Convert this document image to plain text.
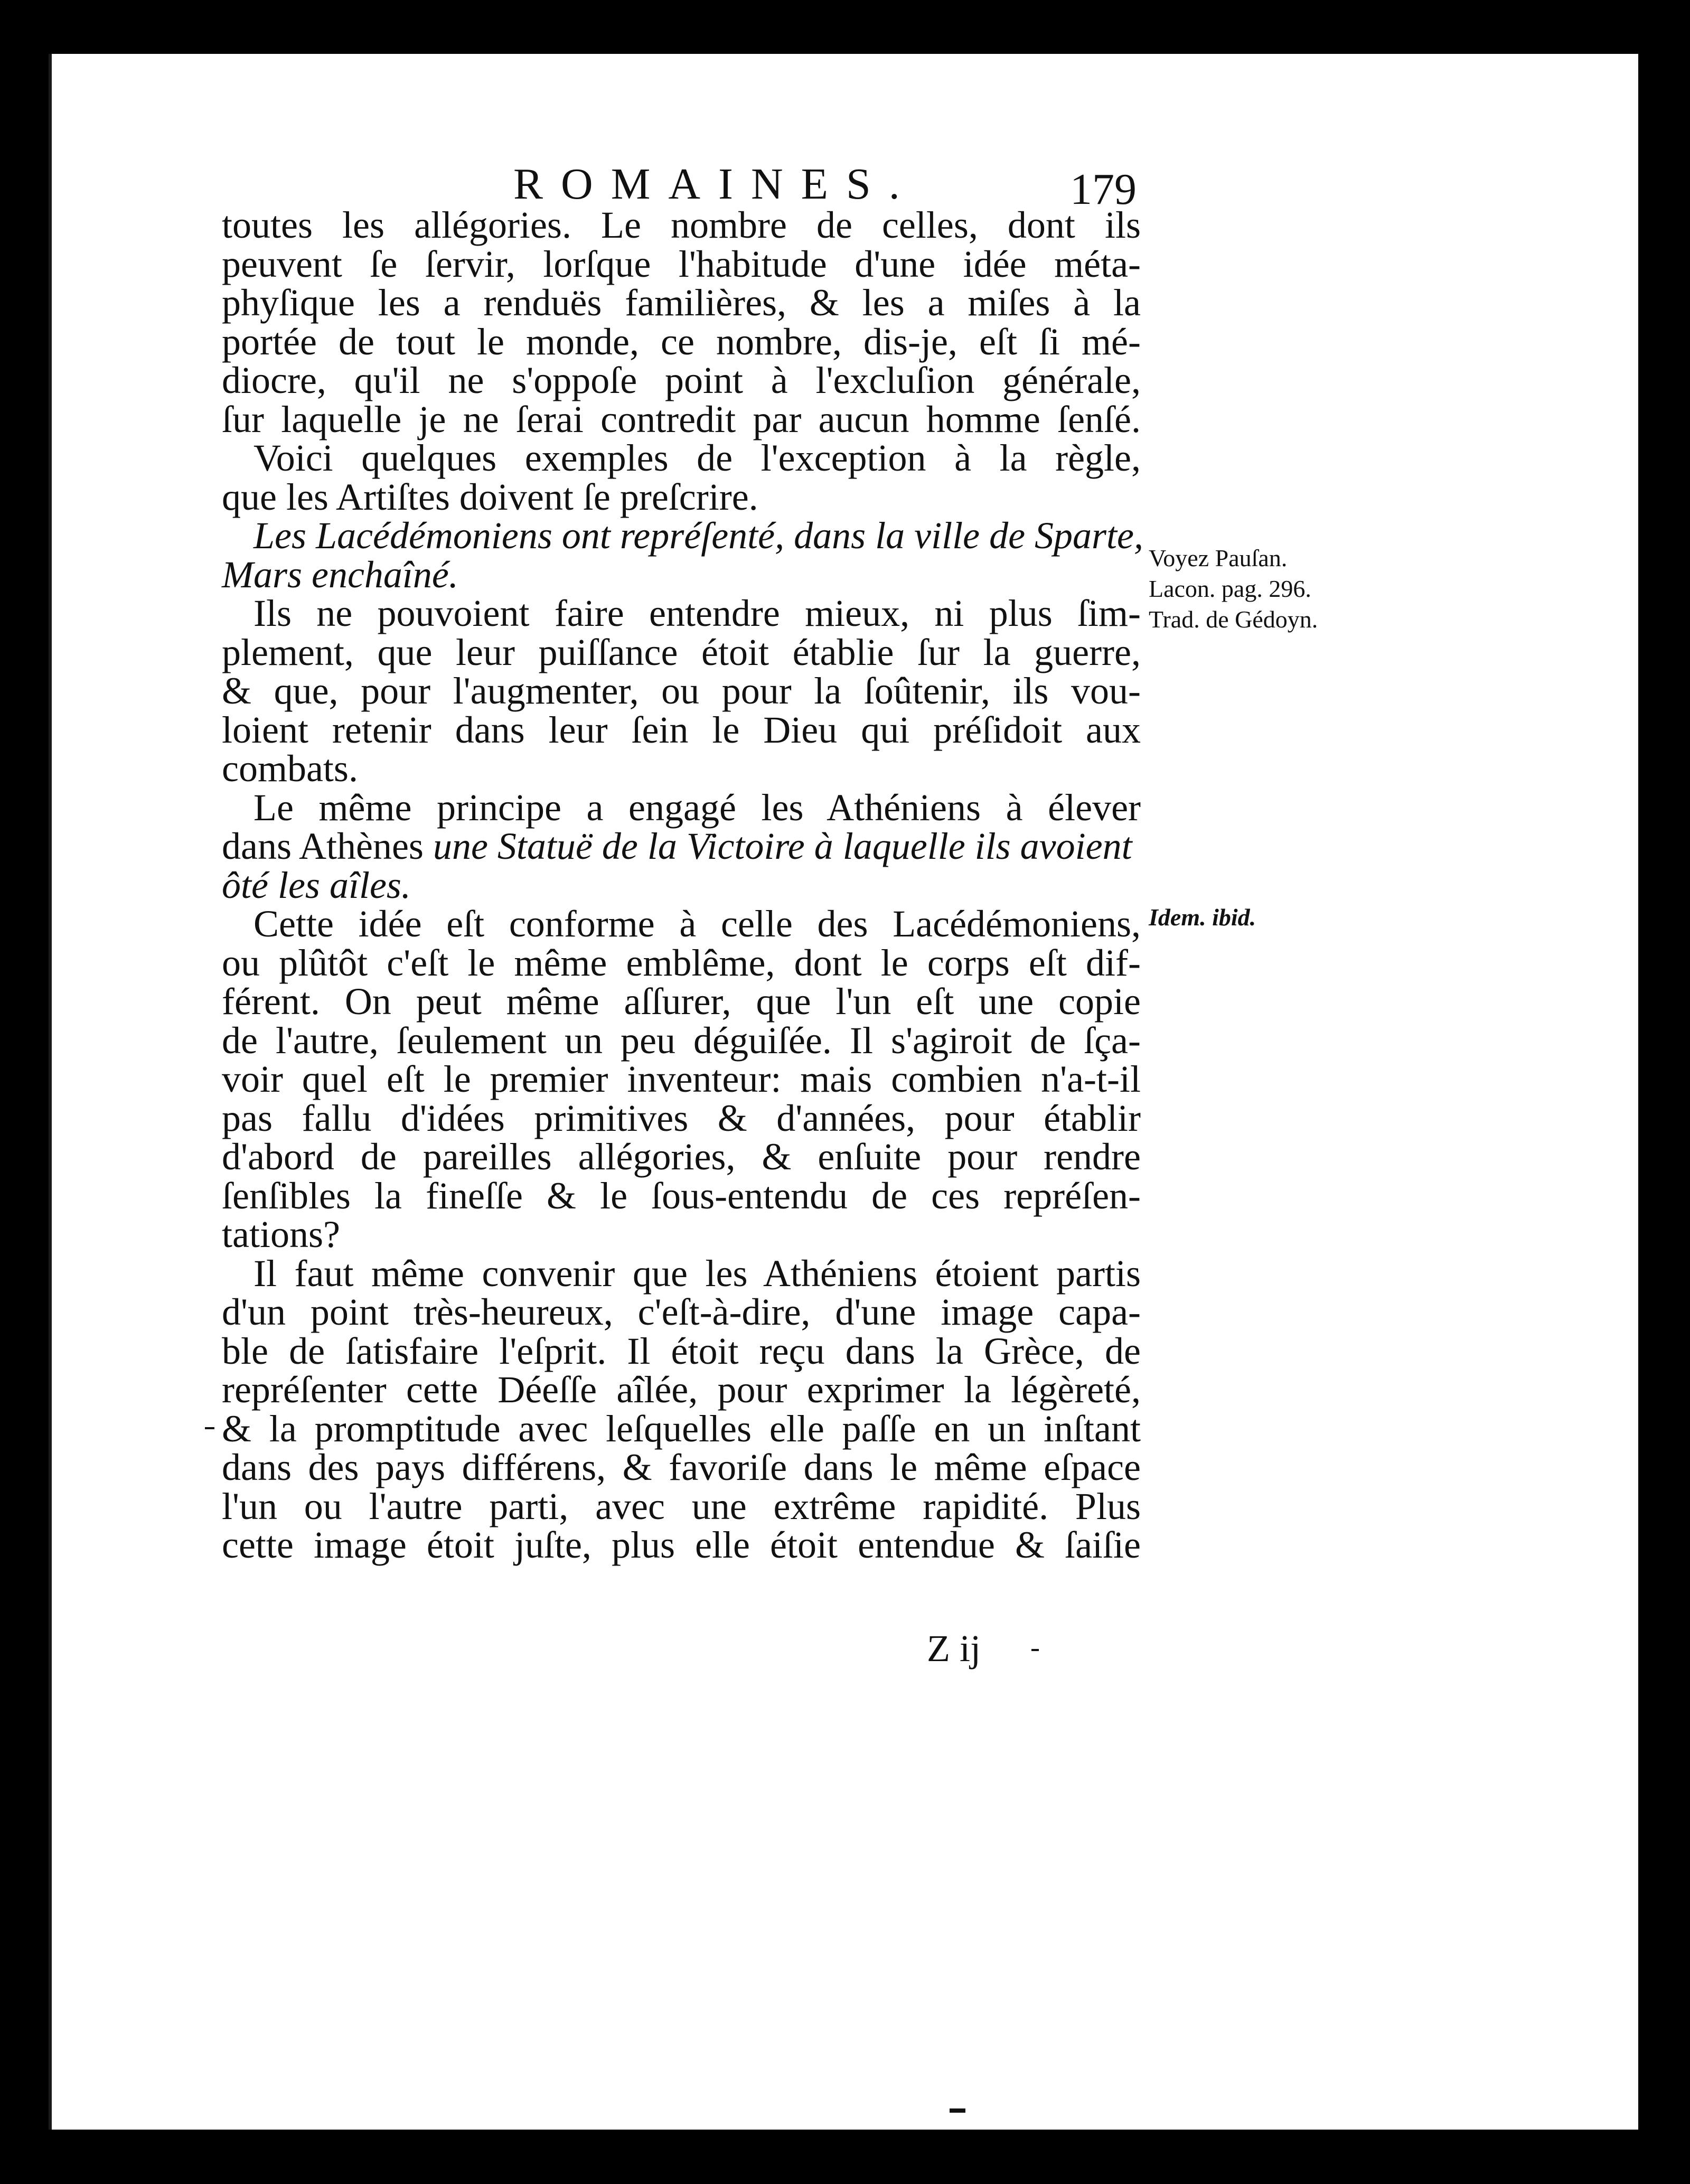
ROMAINES.	179
toutes les allégories. Le nombre de celles, dont ils
peuvent ſe ſervir, lorſque l'habitude d'une idée méta-
phyſique les a renduës familières, & les a miſes à la
portée de tout le monde, ce nombre, dis-je, eſt ſi mé-
diocre, qu'il ne s'oppoſe point à l'excluſion générale,
ſur laquelle je ne ſerai contredit par aucun homme ſenſé.
Voici quelques exemples de l'exception à la règle,
que les Artiſtes doivent ſe preſcrire.
Les Lacédémoniens ont repréſenté, dans la ville de Sparte,
Mars enchaîné.
Ils ne pouvoient faire entendre mieux, ni plus ſim-
plement, que leur puiſſance étoit établie ſur la guerre,
& que, pour l'augmenter, ou pour la ſoûtenir, ils vou-
loient retenir dans leur ſein le Dieu qui préſidoit aux
combats.
Le même principe a engagé les Athéniens à élever
dans Athènes une Statuë de la Victoire à laquelle ils avoient
ôté les aîles.
Cette idée eſt conforme à celle des Lacédémoniens,
ou plûtôt c'eſt le même emblême, dont le corps eſt dif-
férent. On peut même aſſurer, que l'un eſt une copie
de l'autre, ſeulement un peu déguiſée. Il s'agiroit de ſça-
voir quel eſt le premier inventeur: mais combien n'a-t-il
pas fallu d'idées primitives & d'années, pour établir
d'abord de pareilles allégories, & enſuite pour rendre
ſenſibles la fineſſe & le ſous-entendu de ces repréſen-
tations?
Il faut même convenir que les Athéniens étoient partis
d'un point très-heureux, c'eſt-à-dire, d'une image capa-
ble de ſatisfaire l'eſprit. Il étoit reçu dans la Grèce, de
repréſenter cette Déeſſe aîlée, pour exprimer la légèreté,
& la promptitude avec leſquelles elle paſſe en un inſtant
dans des pays différens, & favoriſe dans le même eſpace
l'un ou l'autre parti, avec une extrême rapidité. Plus
cette image étoit juſte, plus elle étoit entendue & ſaiſie
Voyez Pauſan.
Lacon. pag. 296.
Trad. de Gédoyn.
Idem. ibid.
Z ij
